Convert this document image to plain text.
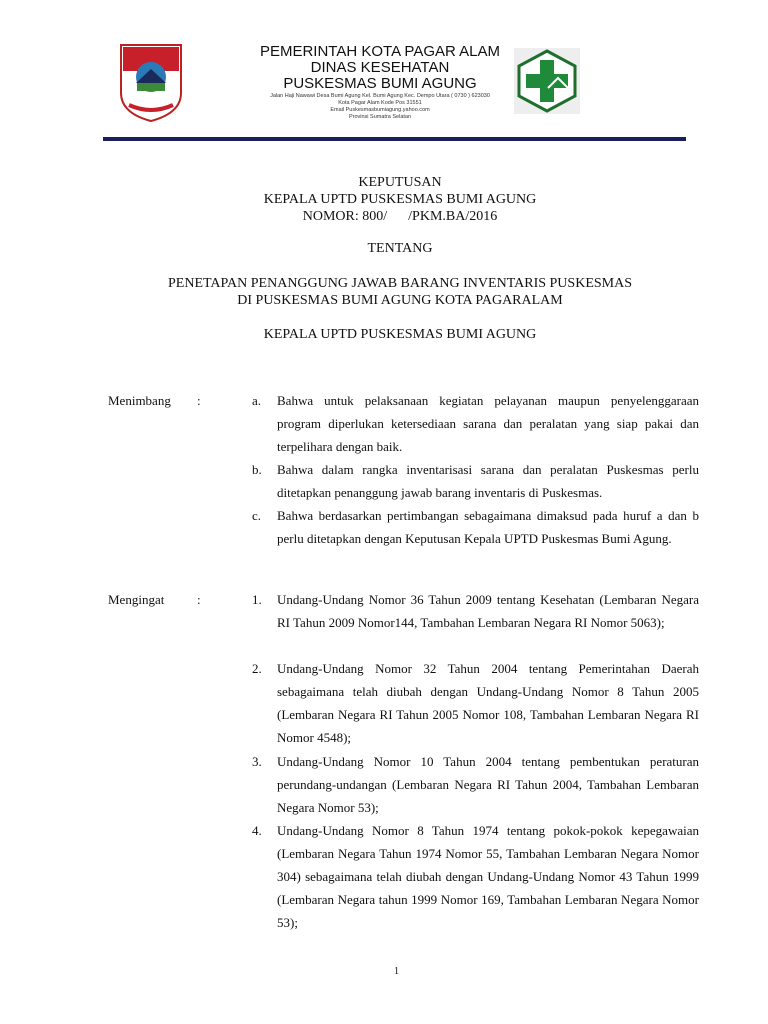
PEMERINTAH KOTA PAGAR ALAM
DINAS KESEHATAN
PUSKESMAS BUMI AGUNG
Jalan Haji Nawawi Desa Bumi Agung Kel. Bumi Agung Kec. Dempo Utara ( 0730 ) 623030
Kota Pagar Alam Kode Pos 31551
Email Puskesmasbumiagung.yahoo.com
Provinsi Sumatra Selatan
KEPUTUSAN
KEPALA UPTD PUSKESMAS BUMI AGUNG
NOMOR: 800/      /PKM.BA/2016
TENTANG
PENETAPAN PENANGGUNG JAWAB BARANG INVENTARIS PUSKESMAS
DI PUSKESMAS BUMI AGUNG KOTA PAGARALAM
KEPALA UPTD PUSKESMAS BUMI AGUNG
Menimbang :	a.	Bahwa untuk pelaksanaan kegiatan pelayanan maupun penyelenggaraan program diperlukan ketersediaan sarana dan peralatan yang siap pakai dan terpelihara dengan baik.
b.	Bahwa dalam rangka inventarisasi sarana dan peralatan Puskesmas perlu ditetapkan penanggung jawab barang inventaris di Puskesmas.
c.	Bahwa berdasarkan pertimbangan sebagaimana dimaksud pada huruf a dan b perlu ditetapkan dengan Keputusan Kepala UPTD Puskesmas Bumi Agung.
Mengingat	:	1.	Undang-Undang Nomor 36 Tahun 2009 tentang Kesehatan (Lembaran Negara RI Tahun 2009 Nomor144, Tambahan Lembaran Negara RI Nomor 5063);
2.	Undang-Undang Nomor 32 Tahun 2004 tentang Pemerintahan Daerah sebagaimana telah diubah dengan Undang-Undang Nomor 8 Tahun 2005 (Lembaran Negara RI Tahun 2005 Nomor 108, Tambahan Lembaran Negara RI Nomor 4548);
3.	Undang-Undang Nomor 10 Tahun 2004 tentang pembentukan peraturan perundang-undangan (Lembaran Negara RI Tahun 2004, Tambahan Lembaran Negara Nomor 53);
4.	Undang-Undang Nomor 8 Tahun 1974 tentang pokok-pokok kepegawaian (Lembaran Negara Tahun 1974 Nomor 55, Tambahan Lembaran Negara Nomor 304) sebagaimana telah diubah dengan Undang-Undang Nomor 43 Tahun 1999 (Lembaran Negara tahun 1999 Nomor 169, Tambahan Lembaran Negara Nomor 53);
1
